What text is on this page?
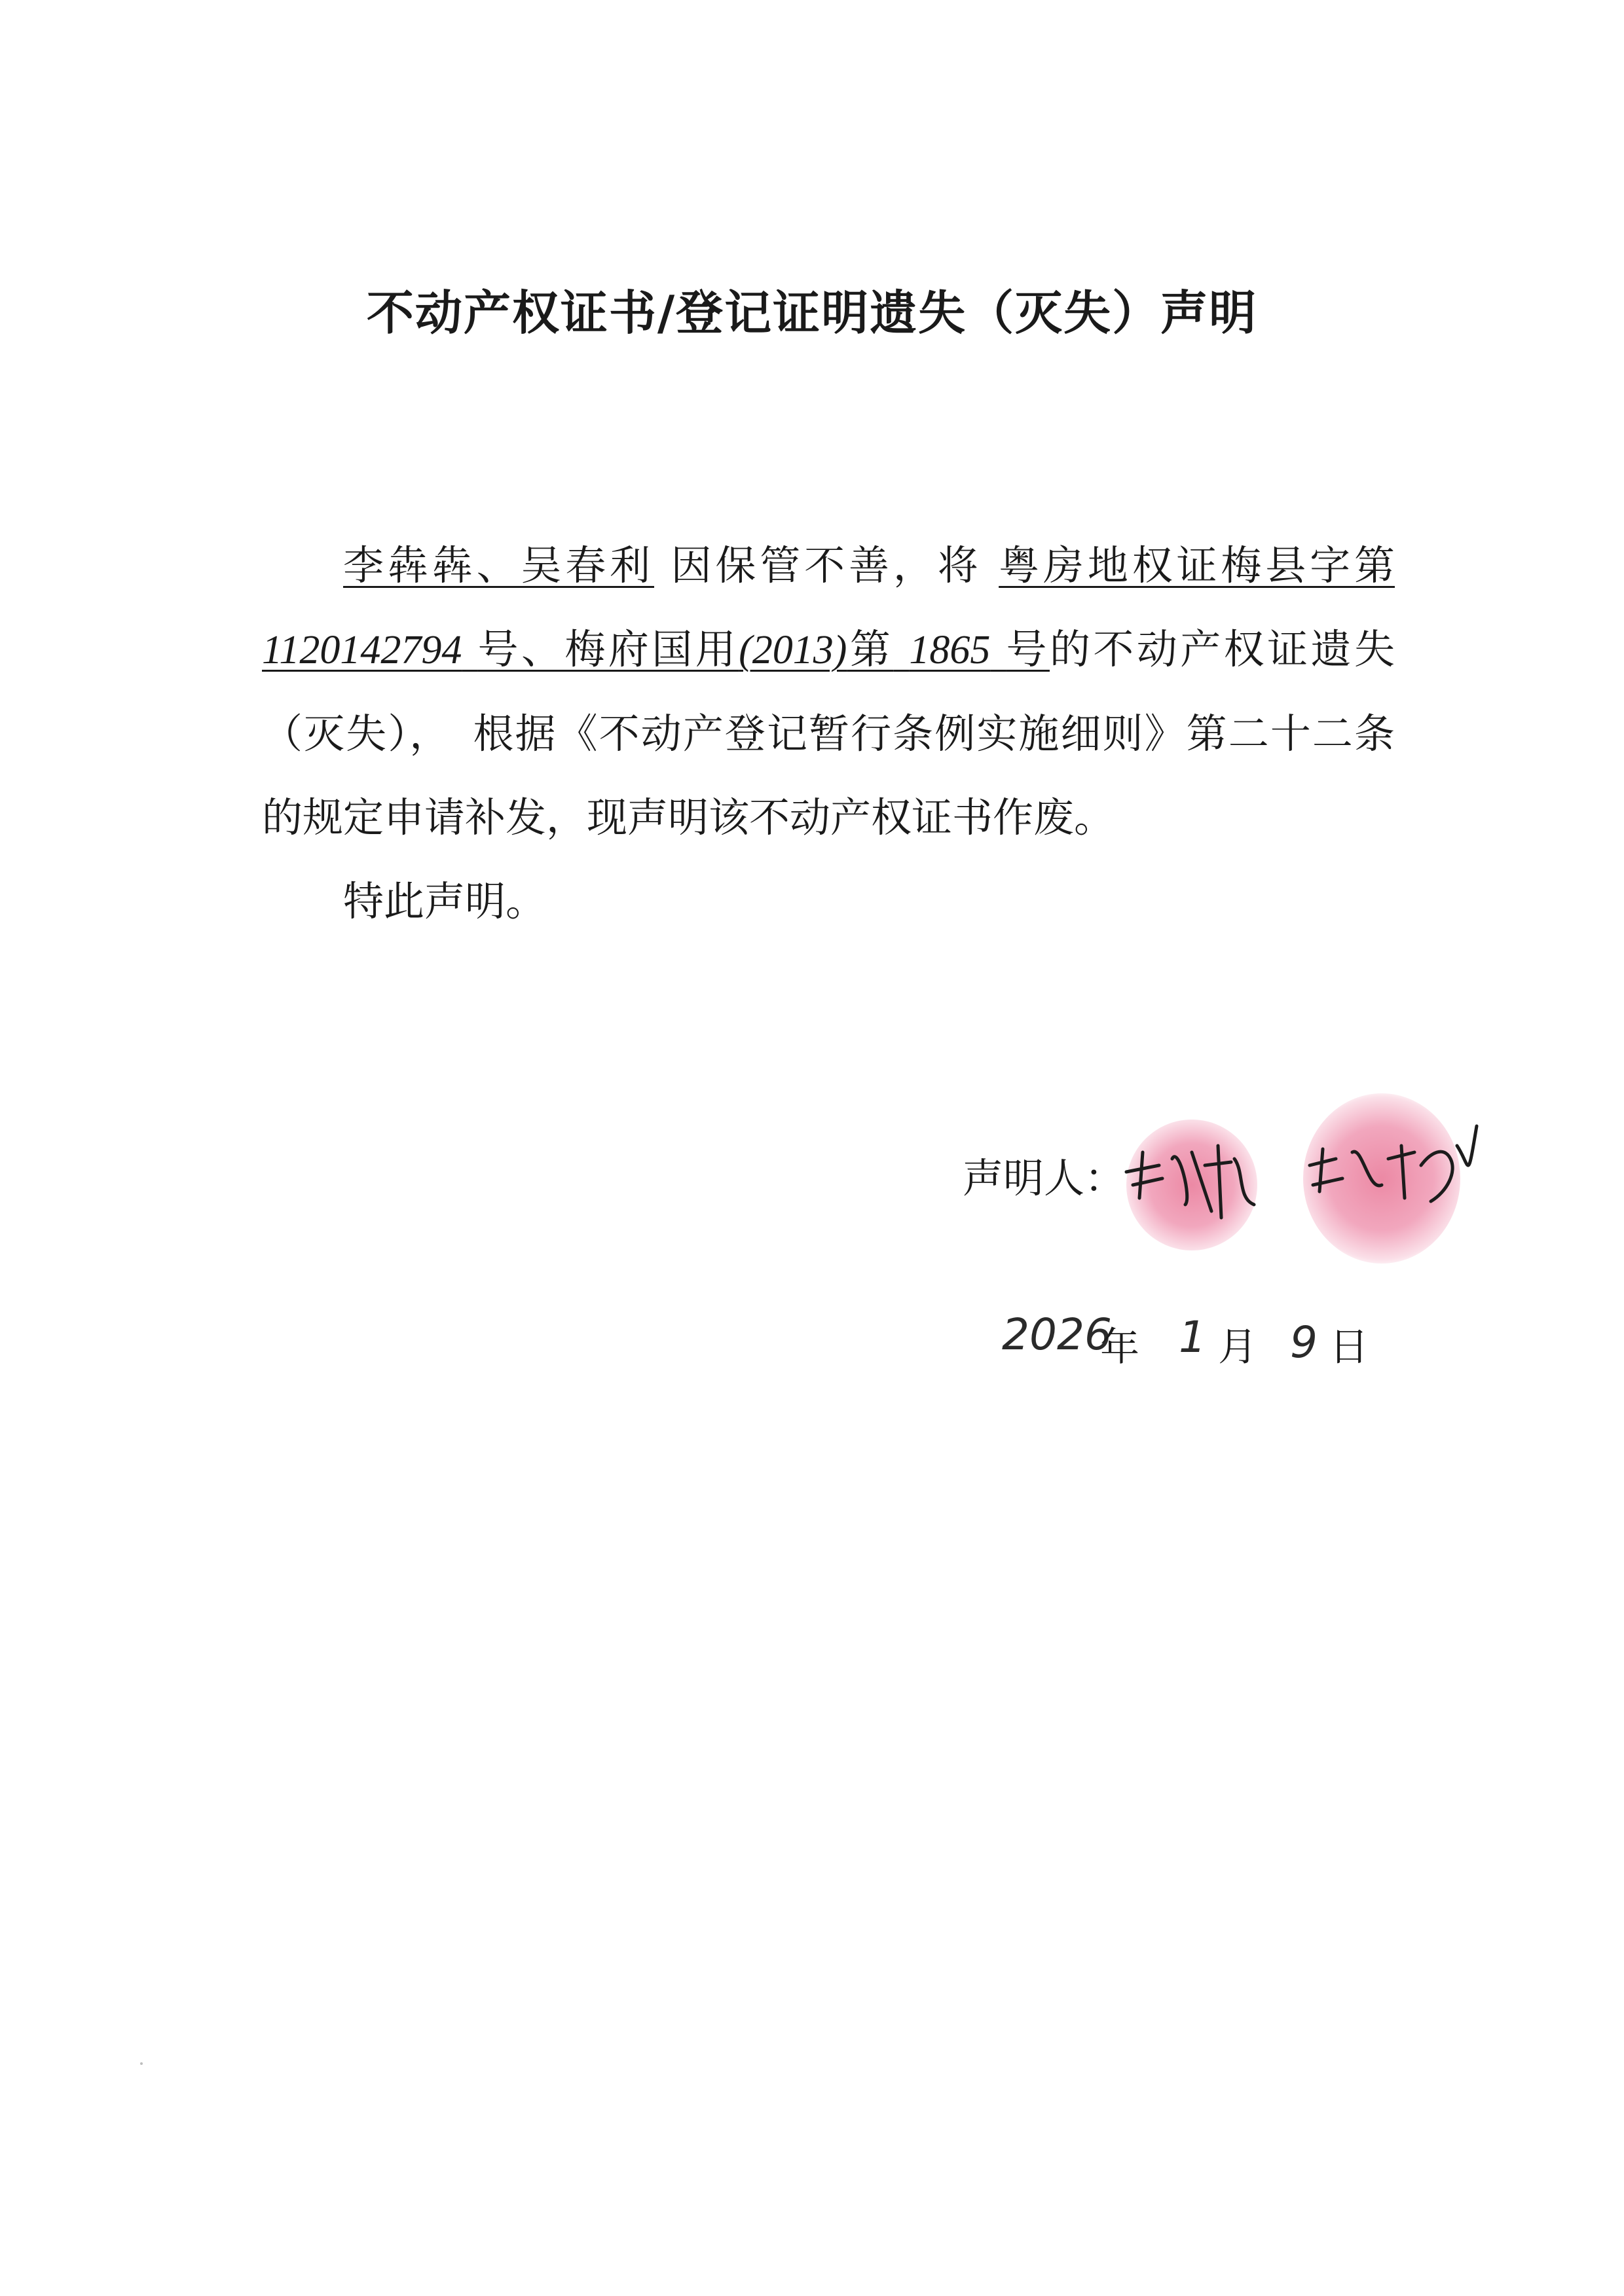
不动产权证书/登记证明遗失（灭失）声明

李犇犇、吴春利 因保管不善，将 粤房地权证梅县字第1120142794 号、梅府国用(2013)第 1865 号的不动产权证遗失（灭失），　 根据《不动产登记暂行条例实施细则》第二十二条的规定申请补发，现声明该不动产权证书作废。

特此声明。

声明人：

2026
年 1 月 9 日
